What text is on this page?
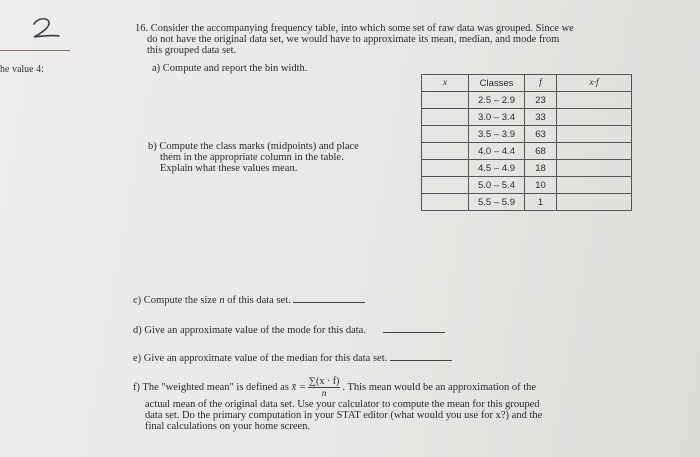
he value 4:
16. Consider the accompanying frequency table, into which some set of raw data was grouped. Since we

do not have the original data set, we would have to approximate its mean, median, and mode from
this grouped data set.
a) Compute and report the bin width.
b) Compute the class marks (midpoints) and place

them in the appropriate column in the table.
Explain what these values mean.
x	Classes	f	x·f
	2.5 – 2.9	23	
	3.0 – 3.4	33	
	3.5 – 3.9	63	
	4.0 – 4.4	68	
	4.5 – 4.9	18	
	5.0 – 5.4	10	
	5.5 – 5.9	1	
c) Compute the size n of this data set.
d) Give an approximate value of the mode for this data.
e) Give an approximate value of the median for this data set.
f) The "weighted mean" is defined as x̄ = $\frac{\sum(x \cdot f)}{n}$ . This mean would be an approximation of the
actual mean of the original data set. Use your calculator to compute the mean for this grouped
data set. Do the primary computation in your STAT editor (what would you use for x?) and the
final calculations on your home screen.
